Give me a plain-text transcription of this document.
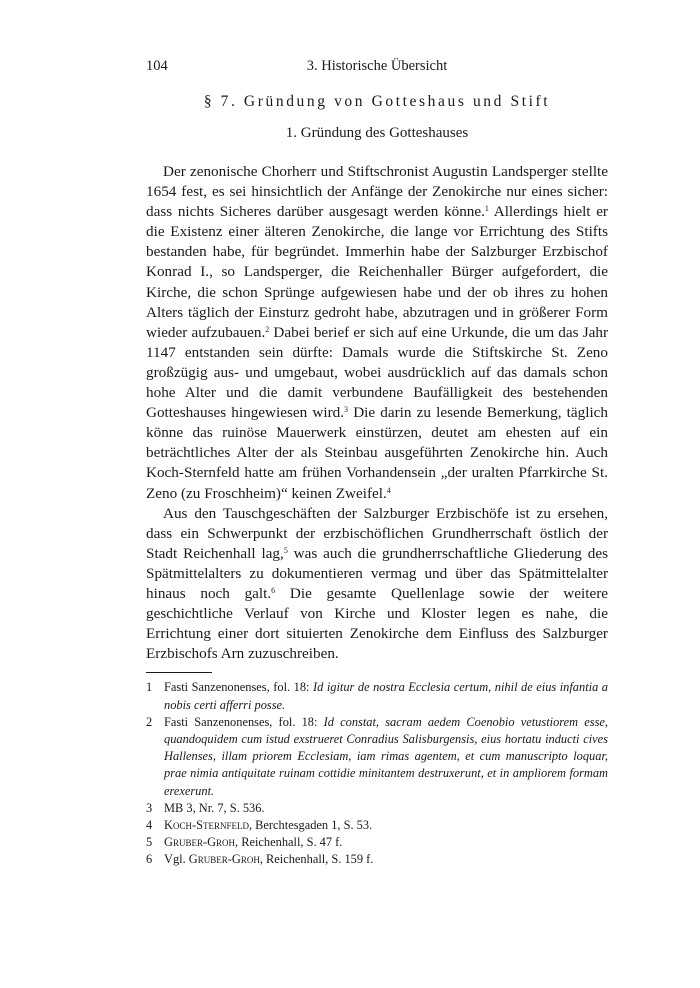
104	3. Historische Übersicht
§ 7. Gründung von Gotteshaus und Stift
1. Gründung des Gotteshauses

Der zenonische Chorherr und Stiftschronist Augustin Landsperger stellte 1654 fest, es sei hinsichtlich der Anfänge der Zenokirche nur eines sicher: dass nichts Sicheres darüber ausgesagt werden könne.$^1$ Allerdings hielt er die Existenz einer älteren Zenokirche, die lange vor Errichtung des Stifts bestanden habe, für begründet. Immerhin habe der Salzburger Erzbischof Konrad I., so Landsperger, die Reichenhaller Bürger aufgefordert, die Kirche, die schon Sprünge aufgewiesen habe und der ob ihres zu hohen Alters täglich der Einsturz gedroht habe, abzutragen und in größerer Form wieder aufzubauen.$^2$ Dabei berief er sich auf eine Urkunde, die um das Jahr 1147 entstanden sein dürfte: Damals wurde die Stiftskirche St. Zeno großzügig aus- und umgebaut, wobei ausdrücklich auf das damals schon hohe Alter und die damit verbundene Baufälligkeit des bestehenden Gotteshauses hingewiesen wird.$^3$ Die darin zu lesende Bemerkung, täglich könne das ruinöse Mauerwerk einstürzen, deutet am ehesten auf ein beträchtliches Alter der als Steinbau ausgeführten Zenokirche hin. Auch Koch-Sternfeld hatte am frühen Vorhandensein „der uralten Pfarrkirche St. Zeno (zu Froschheim)“ keinen Zweifel.$^4$

Aus den Tauschgeschäften der Salzburger Erzbischöfe ist zu ersehen, dass ein Schwerpunkt der erzbischöflichen Grundherrschaft östlich der Stadt Reichenhall lag,$^5$ was auch die grundherrschaftliche Gliederung des Spätmittelalters zu dokumentieren vermag und über das Spätmittelalter hinaus noch galt.$^6$ Die gesamte Quellenlage sowie der weitere geschichtliche Verlauf von Kirche und Kloster legen es nahe, die Errichtung einer dort situierten Zenokirche dem Einfluss des Salzburger Erzbischofs Arn zuzuschreiben.

1 Fasti Sanzenonenses, fol. 18: Id igitur de nostra Ecclesia certum, nihil de eius infantia a nobis certi afferri posse.
2 Fasti Sanzenonenses, fol. 18: Id constat, sacram aedem Coenobio vetustiorem esse, quandoquidem cum istud exstrueret Conradius Salisburgensis, eius hortatu inducti cives Hallenses, illam priorem Ecclesiam, iam rimas agentem, et cum manuscripto loquar, prae nimia antiquitate ruinam cottidie minitantem destruxerunt, et in ampliorem formam erexerunt.
3 MB 3, Nr. 7, S. 536.
4 Koch-Sternfeld, Berchtesgaden 1, S. 53.
5 Gruber-Groh, Reichenhall, S. 47 f.
6 Vgl. Gruber-Groh, Reichenhall, S. 159 f.
